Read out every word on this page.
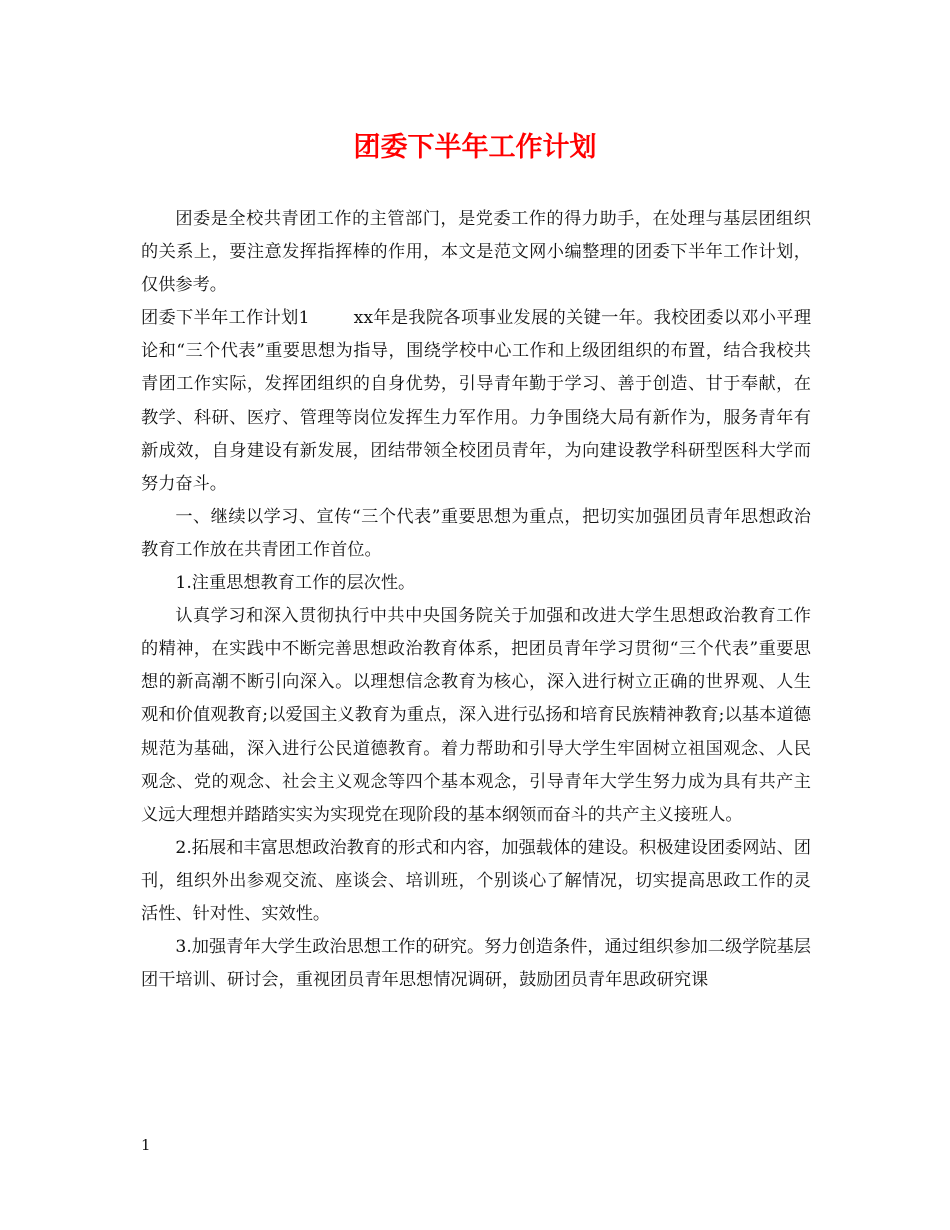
团委下半年工作计划

团委是全校共青团工作的主管部门，是党委工作的得力助手，在处理与基层团组织的关系上，要注意发挥指挥棒的作用，本文是范文网小编整理的团委下半年工作计划，仅供参考。

团委下半年工作计划1	xx年是我院各项事业发展的关键一年。我校团委以邓小平理论和“三个代表”重要思想为指导，围绕学校中心工作和上级团组织的布置，结合我校共青团工作实际，发挥团组织的自身优势，引导青年勤于学习、善于创造、甘于奉献，在教学、科研、医疗、管理等岗位发挥生力军作用。力争围绕大局有新作为，服务青年有新成效，自身建设有新发展，团结带领全校团员青年，为向建设教学科研型医科大学而努力奋斗。

一、继续以学习、宣传“三个代表”重要思想为重点，把切实加强团员青年思想政治教育工作放在共青团工作首位。

1.注重思想教育工作的层次性。

认真学习和深入贯彻执行中共中央国务院关于加强和改进大学生思想政治教育工作的精神，在实践中不断完善思想政治教育体系，把团员青年学习贯彻“三个代表”重要思想的新高潮不断引向深入。以理想信念教育为核心，深入进行树立正确的世界观、人生观和价值观教育;以爱国主义教育为重点，深入进行弘扬和培育民族精神教育;以基本道德规范为基础，深入进行公民道德教育。着力帮助和引导大学生牢固树立祖国观念、人民观念、党的观念、社会主义观念等四个基本观念，引导青年大学生努力成为具有共产主义远大理想并踏踏实实为实现党在现阶段的基本纲领而奋斗的共产主义接班人。

2.拓展和丰富思想政治教育的形式和内容，加强载体的建设。积极建设团委网站、团刊，组织外出参观交流、座谈会、培训班，个别谈心了解情况，切实提高思政工作的灵活性、针对性、实效性。

3.加强青年大学生政治思想工作的研究。努力创造条件，通过组织参加二级学院基层团干培训、研讨会，重视团员青年思想情况调研，鼓励团员青年思政研究课

1
